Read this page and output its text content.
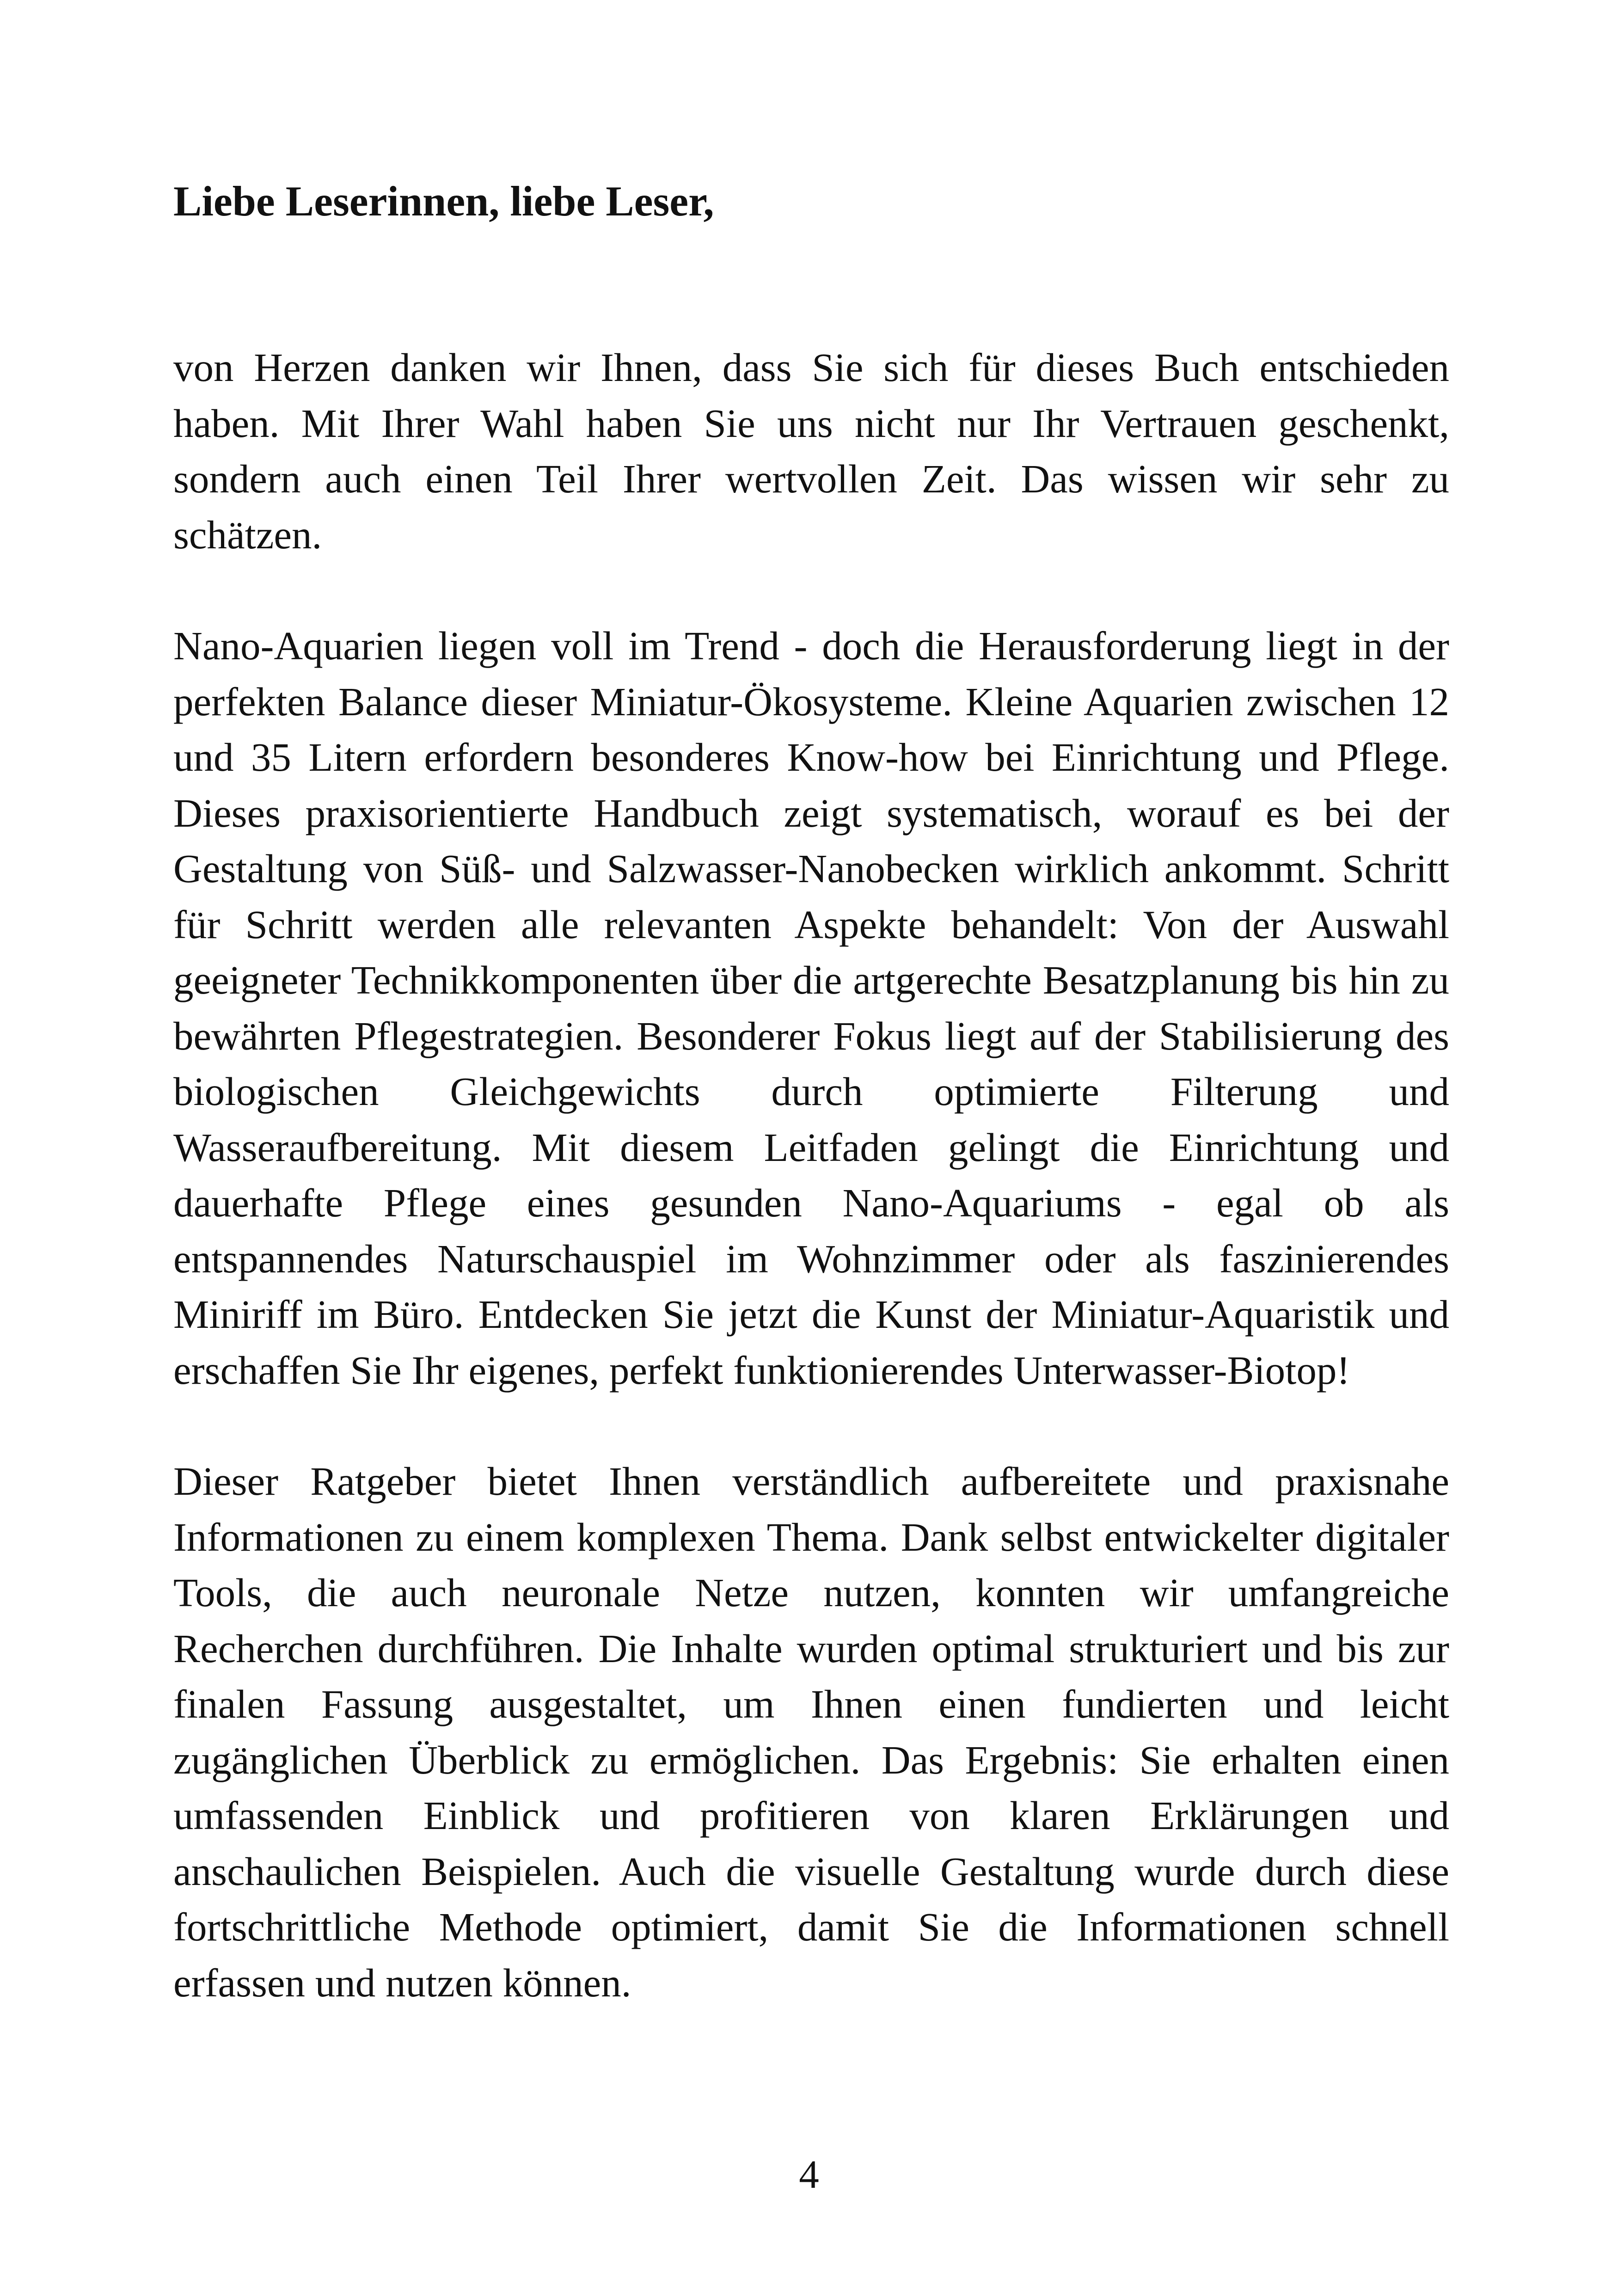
Liebe Leserinnen, liebe Leser,

von Herzen danken wir Ihnen, dass Sie sich für dieses Buch entschieden haben. Mit Ihrer Wahl haben Sie uns nicht nur Ihr Vertrauen geschenkt, sondern auch einen Teil Ihrer wertvollen Zeit. Das wissen wir sehr zu schätzen.

Nano-Aquarien liegen voll im Trend - doch die Herausforderung liegt in der perfekten Balance dieser Miniatur-Ökosysteme. Kleine Aquarien zwischen 12 und 35 Litern erfordern besonderes Know-how bei Einrichtung und Pflege. Dieses praxisorientierte Handbuch zeigt systematisch, worauf es bei der Gestaltung von Süß- und Salzwasser-Nanobecken wirklich ankommt. Schritt für Schritt werden alle relevanten Aspekte behandelt: Von der Auswahl geeigneter Technikkomponenten über die artgerechte Besatzplanung bis hin zu bewährten Pflegestrategien. Besonderer Fokus liegt auf der Stabilisierung des biologischen Gleichgewichts durch optimierte Filterung und Wasseraufbereitung. Mit diesem Leitfaden gelingt die Einrichtung und dauerhafte Pflege eines gesunden Nano-Aquariums - egal ob als entspannendes Naturschauspiel im Wohnzimmer oder als faszinierendes Miniriff im Büro. Entdecken Sie jetzt die Kunst der Miniatur-Aquaristik und erschaffen Sie Ihr eigenes, perfekt funktionierendes Unterwasser-Biotop!

Dieser Ratgeber bietet Ihnen verständlich aufbereitete und praxisnahe Informationen zu einem komplexen Thema. Dank selbst entwickelter digitaler Tools, die auch neuronale Netze nutzen, konnten wir umfangreiche Recherchen durchführen. Die Inhalte wurden optimal strukturiert und bis zur finalen Fassung ausgestaltet, um Ihnen einen fundierten und leicht zugänglichen Überblick zu ermöglichen. Das Ergebnis: Sie erhalten einen umfassenden Einblick und profitieren von klaren Erklärungen und anschaulichen Beispielen. Auch die visuelle Gestaltung wurde durch diese fortschrittliche Methode optimiert, damit Sie die Informationen schnell erfassen und nutzen können.

4
